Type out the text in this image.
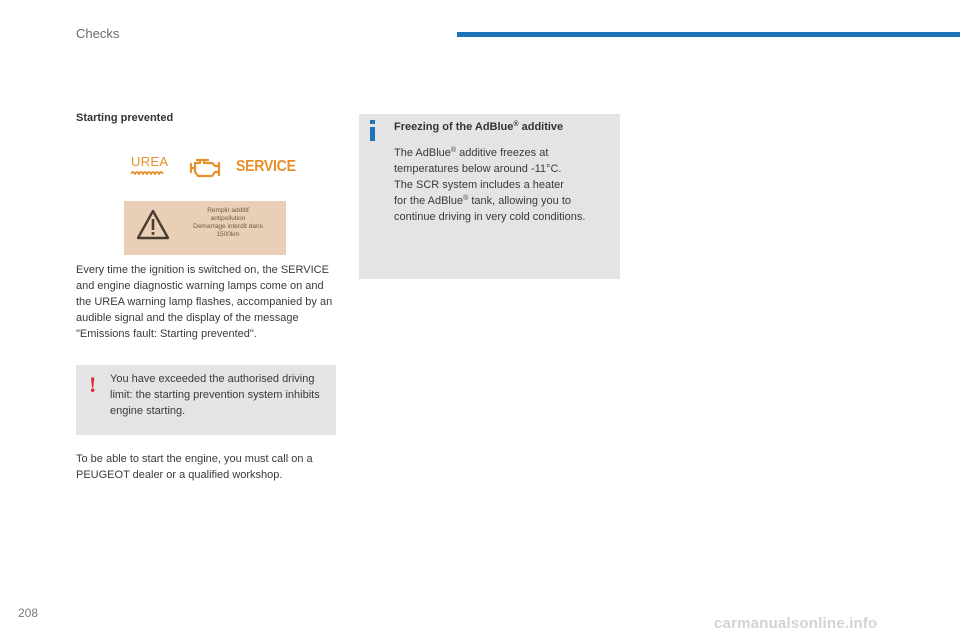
Checks
Starting prevented
UREA	SERVICE
Remplir additif
antipollution
Demarrage interdit dans
1500km
Every time the ignition is switched on, the SERVICE and engine diagnostic warning lamps come on and the UREA warning lamp flashes, accompanied by an audible signal and the display of the message "Emissions fault: Starting prevented".
! You have exceeded the authorised driving limit: the starting prevention system inhibits engine starting.
To be able to start the engine, you must call on a PEUGEOT dealer or a qualified workshop.
Freezing of the AdBlue® additive
The AdBlue® additive freezes at
temperatures below around -11°C.
The SCR system includes a heater
for the AdBlue® tank, allowing you to
continue driving in very cold conditions.
208
carmanualsonline.info
